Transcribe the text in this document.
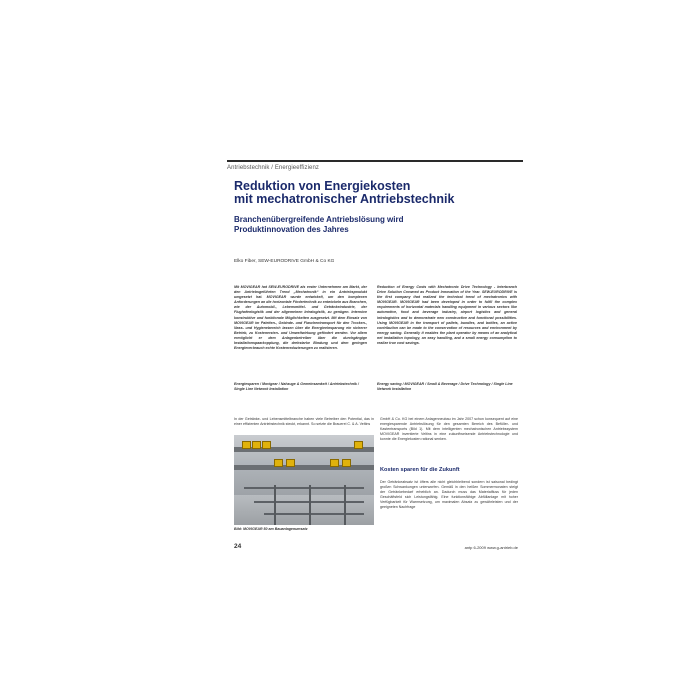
Antriebstechnik / Energieeffizienz
Reduktion von Energiekosten
mit mechatronischer Antriebstechnik
Branchenübergreifende Antriebslösung wird
Produktinnovation des Jahres
Elko Fiber, SEW-EURODRIVE GmbH & Co KG
Mit MOVIGEAR hat SEW-EURODRIVE als erster Unternehmen am Markt, der den Antriebsgeführten Trend „Mechatronik“ in ein Antriebsprodukt umgesetzt hat. MOVIGEAR wurde entwickelt, um den komplexen Anforderungen an die horizontale Fördertechnik zu entwickeln aus Branchen, wie der Automobil-, Lebensmittel- und Getränkeindustrie, der Flughafenlogistik und der allgemeinen Intralogistik, zu genügen. Intensive konstruktive und funktionale Möglichkeiten ausgesetzt. Mit dem Einsatz von MOVIGEAR im Paletten-, Gebinde- und Flaschentransport für den Trocken-, Nass- und Hygienebereich lassen über die Energieeinsparung ein sicherer Betrieb, zu Kostenersten- und Umweltwirkung gefördert werden. Vor allem ermöglicht er dem Anlagenbetreiber über die durchgängige Installationspaarkopplung, die drehstarke Bindung und dem geringen Energieverbrauch echte Kostenreduzierungen zu realisieren.
Reduction of Energy Costs with Mechatronic Drive Technology - Interbranch Drive Solution Crowned as Product Innovation of the Year. SEW-EURODRIVE is the first company that realized the technical trend of mechatronics with MOVIGEAR. MOVIGEAR had been developed in order to fulfil the complex requirements of horizontal materials handling equipment in various sectors like automotive, food and beverage industry, airport logistics and general intralogistics and to demonstrate new constructive and functional possibilities. Using MOVIGEAR in the transport of pallets, bundles, and bottles, an active contribution can be made to the conservation of resources and environment by energy saving. Generally it enables the plant operator by means of an analytical net installation topology, an easy handling, and a small energy consumption to realize true cost savings.
Energiesparen / Movigear / Nahzuge & Gemeinsamkeit / Antriebstechnik / Single Line Network Installation
Energy saving / MOVIGEAR / Small & Beverage / Drive Technology / Single Line Network Installation
In der Getränke- und Lebensmittelbranche haben viele Betreiber den Potential, das in einer effizienten Antriebstechnik steckt, erkannt. So setzte die Brauerei C. & A. Veltins
Bild: MOVIGEAR 50 am Bauanlagenumsatz
GmbH & Co. KG bei einem Anlagenneubau im Jahr 2007 schon konsequent auf eine energiesparende Antriebslösung für den gesamten Bereich des Befüller- und Kastentransports (Bild 1). Mit dem intelligenten mechatronischen Antriebssystem MOVIGEAR inventierte Veltins in eine zukunftweisende Antriebstechnologie und konnte die Energiekosten rational senken.
Kosten sparen für die Zukunft
Der Getränkeabsatz ist öfters alle nicht gleichbleibend sondern ist saisonal bedingt großen Schwankungen unterworfen. Gemäß in den heißen Sommermonaten steigt der Getränkebedarf erheblich an. Dadurch muss das Materialfluss für jeden Geschäftsfeld sich Leistungsfähig. Eine funktionsfähige Abfüllanlage mit hoher Verfügbarkeit für Warmsetzung, um maximalen Absatz zu gewährleisten und der geeigneten Nachfrage
24	antp 6-2009 www.g-antrieb.de
